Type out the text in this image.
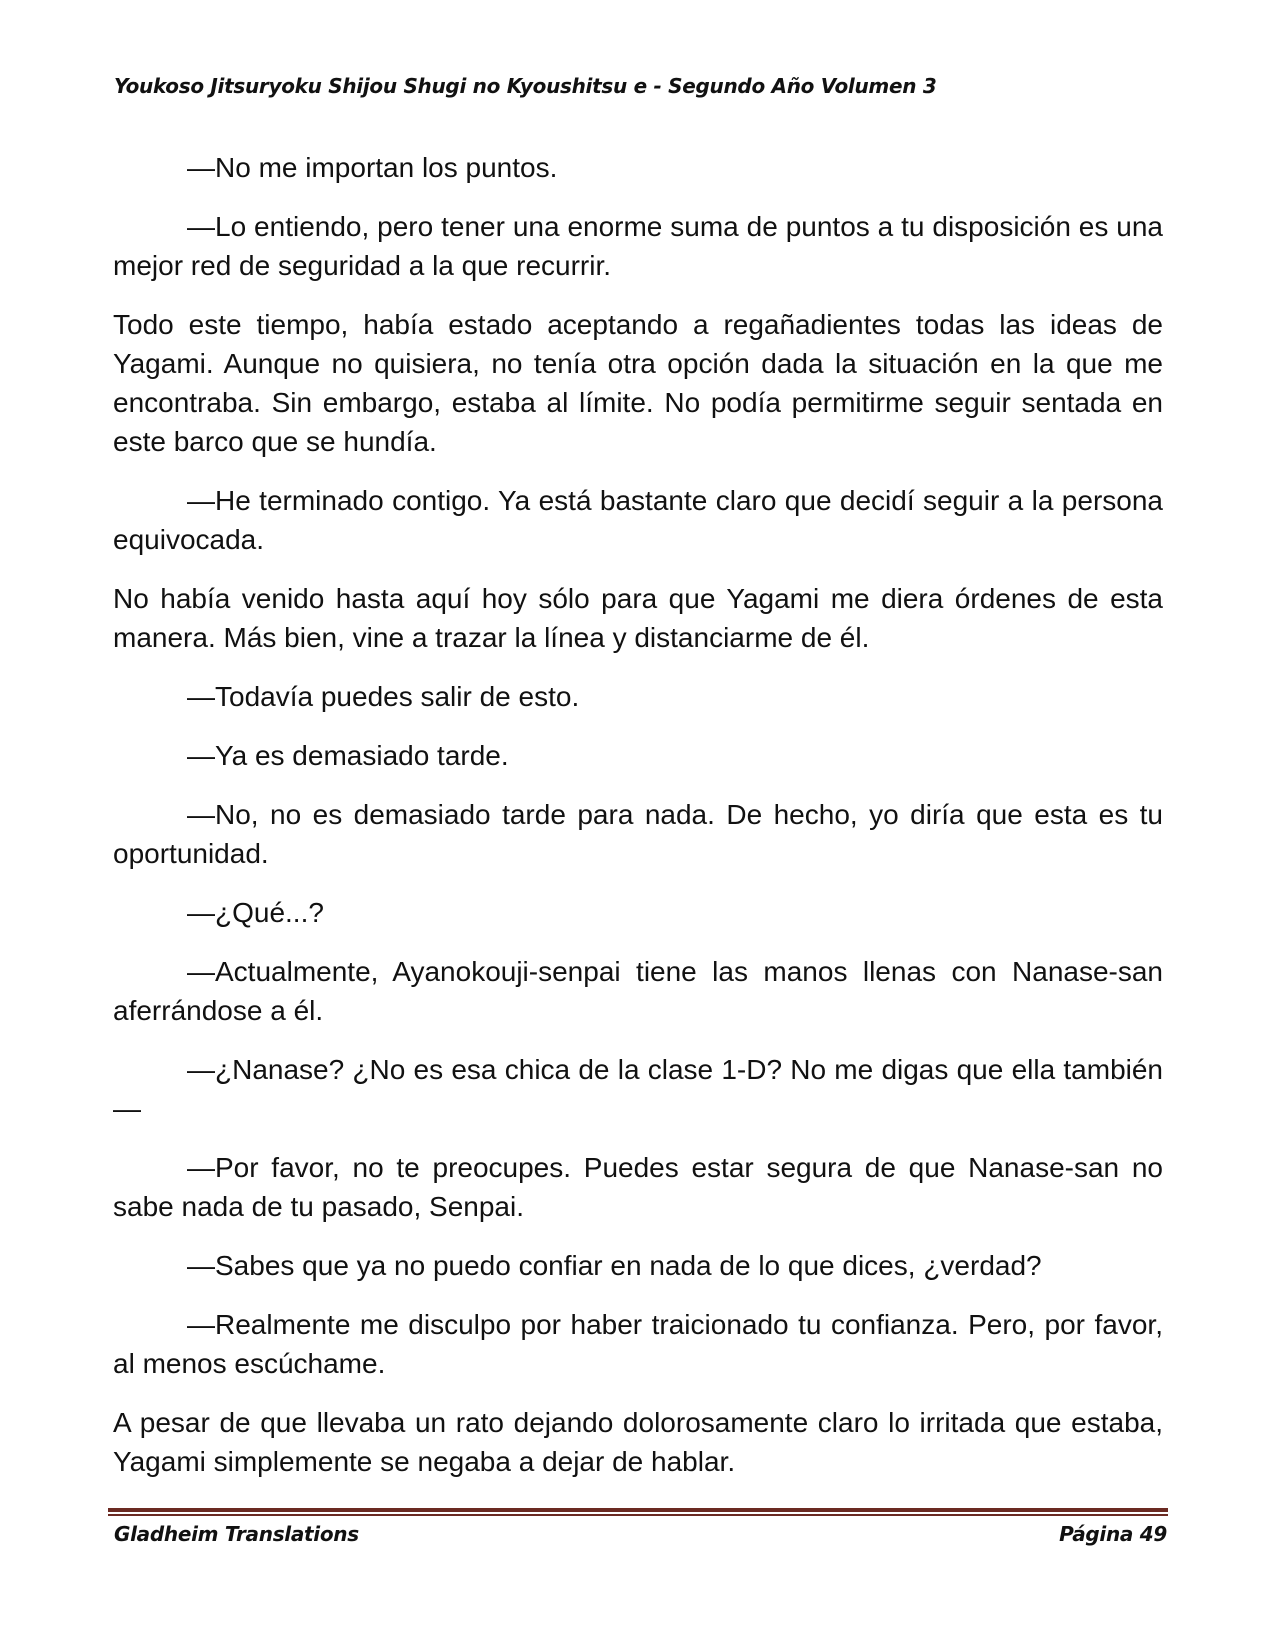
Youkoso Jitsuryoku Shijou Shugi no Kyoushitsu e - Segundo Año Volumen 3

—No me importan los puntos.

—Lo entiendo, pero tener una enorme suma de puntos a tu disposición es una mejor red de seguridad a la que recurrir.

Todo este tiempo, había estado aceptando a regañadientes todas las ideas de Yagami. Aunque no quisiera, no tenía otra opción dada la situación en la que me encontraba. Sin embargo, estaba al límite. No podía permitirme seguir sentada en este barco que se hundía.

—He terminado contigo. Ya está bastante claro que decidí seguir a la persona equivocada.

No había venido hasta aquí hoy sólo para que Yagami me diera órdenes de esta manera. Más bien, vine a trazar la línea y distanciarme de él.

—Todavía puedes salir de esto.

—Ya es demasiado tarde.

—No, no es demasiado tarde para nada. De hecho, yo diría que esta es tu oportunidad.

—¿Qué...?

—Actualmente, Ayanokouji-senpai tiene las manos llenas con Nanase-san aferrándose a él.

—¿Nanase? ¿No es esa chica de la clase 1-D? No me digas que ella también—

—Por favor, no te preocupes. Puedes estar segura de que Nanase-san no sabe nada de tu pasado, Senpai.

—Sabes que ya no puedo confiar en nada de lo que dices, ¿verdad?

—Realmente me disculpo por haber traicionado tu confianza. Pero, por favor, al menos escúchame.

A pesar de que llevaba un rato dejando dolorosamente claro lo irritada que estaba, Yagami simplemente se negaba a dejar de hablar.

Gladheim Translations	Página 49
